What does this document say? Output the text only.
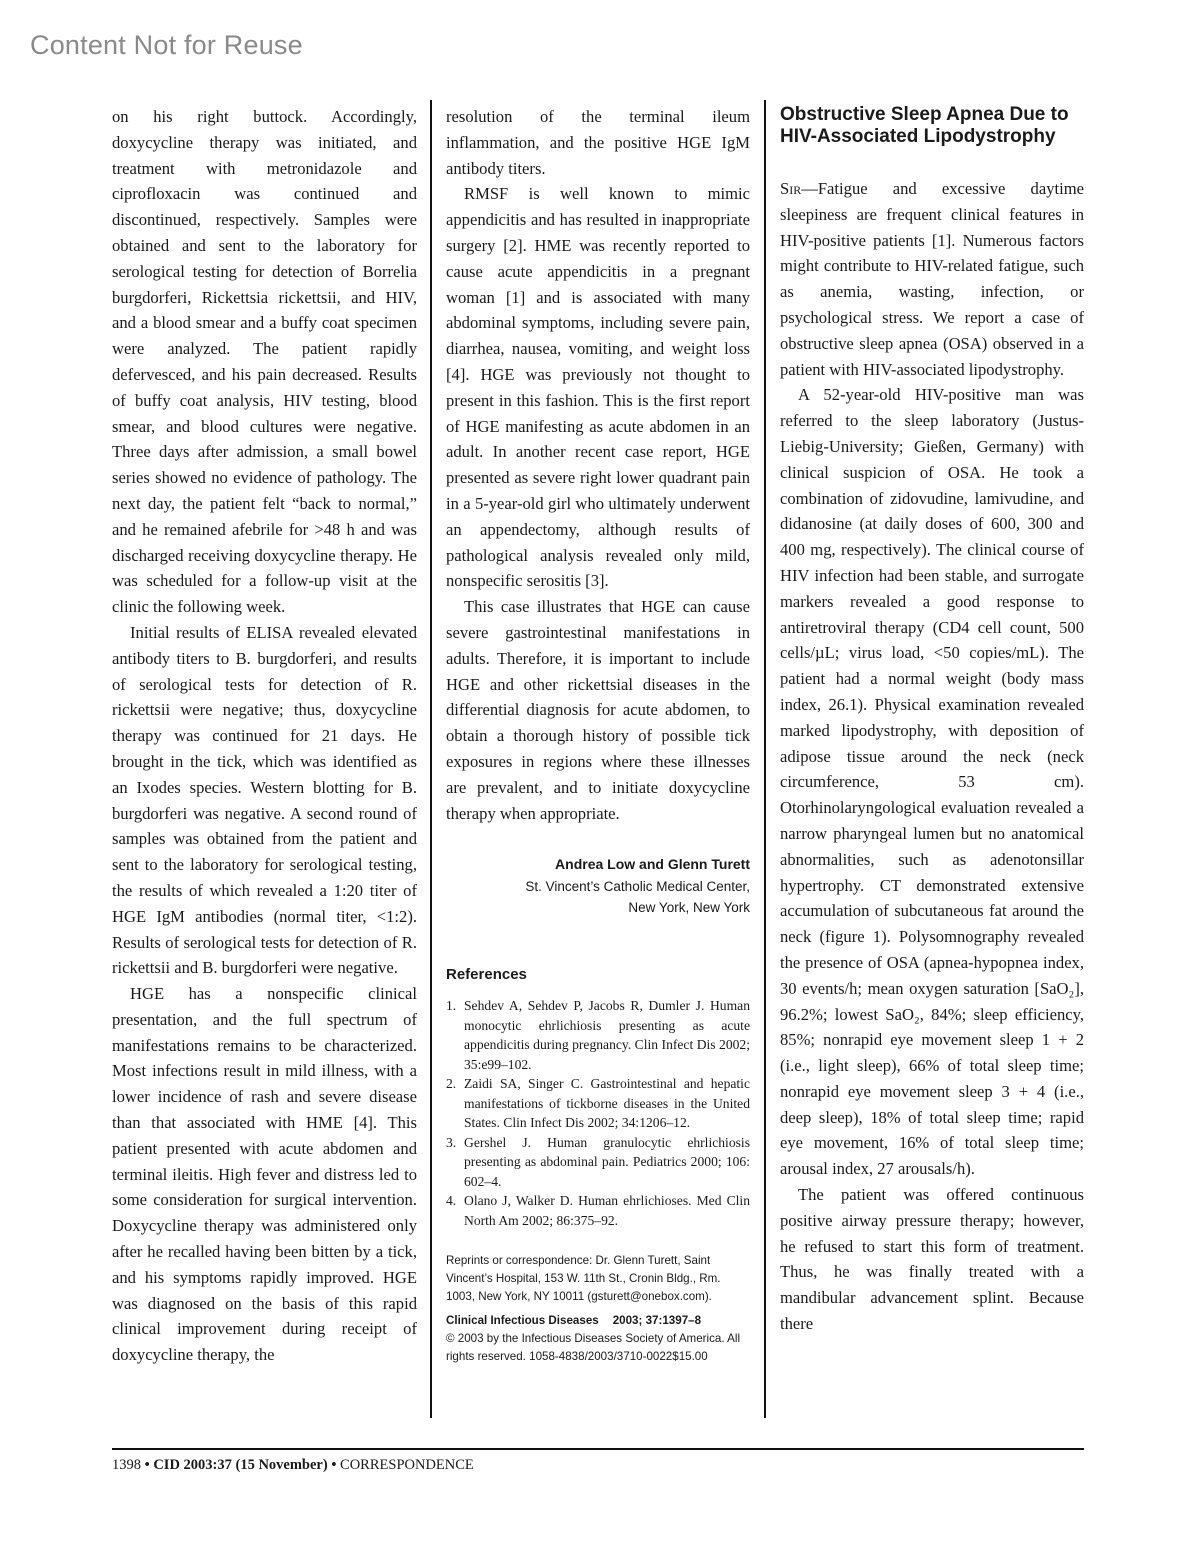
Content Not for Reuse

on his right buttock. Accordingly, doxycycline therapy was initiated, and treatment with metronidazole and ciprofloxacin was continued and discontinued, respectively. Samples were obtained and sent to the laboratory for serological testing for detection of Borrelia burgdorferi, Rickettsia rickettsii, and HIV, and a blood smear and a buffy coat specimen were analyzed. The patient rapidly defervesced, and his pain decreased. Results of buffy coat analysis, HIV testing, blood smear, and blood cultures were negative. Three days after admission, a small bowel series showed no evidence of pathology. The next day, the patient felt “back to normal,” and he remained afebrile for >48 h and was discharged receiving doxycycline therapy. He was scheduled for a follow-up visit at the clinic the following week.

Initial results of ELISA revealed elevated antibody titers to B. burgdorferi, and results of serological tests for detection of R. rickettsii were negative; thus, doxycycline therapy was continued for 21 days. He brought in the tick, which was identified as an Ixodes species. Western blotting for B. burgdorferi was negative. A second round of samples was obtained from the patient and sent to the laboratory for serological testing, the results of which revealed a 1:20 titer of HGE IgM antibodies (normal titer, <1:2). Results of serological tests for detection of R. rickettsii and B. burgdorferi were negative.

HGE has a nonspecific clinical presentation, and the full spectrum of manifestations remains to be characterized. Most infections result in mild illness, with a lower incidence of rash and severe disease than that associated with HME [4]. This patient presented with acute abdomen and terminal ileitis. High fever and distress led to some consideration for surgical intervention. Doxycycline therapy was administered only after he recalled having been bitten by a tick, and his symptoms rapidly improved. HGE was diagnosed on the basis of this rapid clinical improvement during receipt of doxycycline therapy, the

resolution of the terminal ileum inflammation, and the positive HGE IgM antibody titers.

RMSF is well known to mimic appendicitis and has resulted in inappropriate surgery [2]. HME was recently reported to cause acute appendicitis in a pregnant woman [1] and is associated with many abdominal symptoms, including severe pain, diarrhea, nausea, vomiting, and weight loss [4]. HGE was previously not thought to present in this fashion. This is the first report of HGE manifesting as acute abdomen in an adult. In another recent case report, HGE presented as severe right lower quadrant pain in a 5-year-old girl who ultimately underwent an appendectomy, although results of pathological analysis revealed only mild, nonspecific serositis [3].

This case illustrates that HGE can cause severe gastrointestinal manifestations in adults. Therefore, it is important to include HGE and other rickettsial diseases in the differential diagnosis for acute abdomen, to obtain a thorough history of possible tick exposures in regions where these illnesses are prevalent, and to initiate doxycycline therapy when appropriate.

Andrea Low and Glenn Turett
St. Vincent’s Catholic Medical Center,
New York, New York
References
1. Sehdev A, Sehdev P, Jacobs R, Dumler J. Human monocytic ehrlichiosis presenting as acute appendicitis during pregnancy. Clin Infect Dis 2002; 35:e99–102.
2. Zaidi SA, Singer C. Gastrointestinal and hepatic manifestations of tickborne diseases in the United States. Clin Infect Dis 2002; 34:1206–12.
3. Gershel J. Human granulocytic ehrlichiosis presenting as abdominal pain. Pediatrics 2000; 106: 602–4.
4. Olano J, Walker D. Human ehrlichioses. Med Clin North Am 2002; 86:375–92.
Reprints or correspondence: Dr. Glenn Turett, Saint Vincent’s Hospital, 153 W. 11th St., Cronin Bldg., Rm. 1003, New York, NY 10011 (gsturett@onebox.com).
Clinical Infectious Diseases 2003; 37:1397–8
© 2003 by the Infectious Diseases Society of America. All rights reserved. 1058-4838/2003/3710-0022$15.00
Obstructive Sleep Apnea Due to HIV-Associated Lipodystrophy

Sir—Fatigue and excessive daytime sleepiness are frequent clinical features in HIV-positive patients [1]. Numerous factors might contribute to HIV-related fatigue, such as anemia, wasting, infection, or psychological stress. We report a case of obstructive sleep apnea (OSA) observed in a patient with HIV-associated lipodystrophy.

A 52-year-old HIV-positive man was referred to the sleep laboratory (Justus-Liebig-University; Gießen, Germany) with clinical suspicion of OSA. He took a combination of zidovudine, lamivudine, and didanosine (at daily doses of 600, 300 and 400 mg, respectively). The clinical course of HIV infection had been stable, and surrogate markers revealed a good response to antiretroviral therapy (CD4 cell count, 500 cells/µL; virus load, <50 copies/mL). The patient had a normal weight (body mass index, 26.1). Physical examination revealed marked lipodystrophy, with deposition of adipose tissue around the neck (neck circumference, 53 cm). Otorhinolaryngological evaluation revealed a narrow pharyngeal lumen but no anatomical abnormalities, such as adenotonsillar hypertrophy. CT demonstrated extensive accumulation of subcutaneous fat around the neck (figure 1). Polysomnography revealed the presence of OSA (apnea-hypopnea index, 30 events/h; mean oxygen saturation [SaO₂], 96.2%; lowest SaO₂, 84%; sleep efficiency, 85%; nonrapid eye movement sleep 1 + 2 (i.e., light sleep), 66% of total sleep time; nonrapid eye movement sleep 3 + 4 (i.e., deep sleep), 18% of total sleep time; rapid eye movement, 16% of total sleep time; arousal index, 27 arousals/h).

The patient was offered continuous positive airway pressure therapy; however, he refused to start this form of treatment. Thus, he was finally treated with a mandibular advancement splint. Because there

1398 • CID 2003:37 (15 November) • CORRESPONDENCE
